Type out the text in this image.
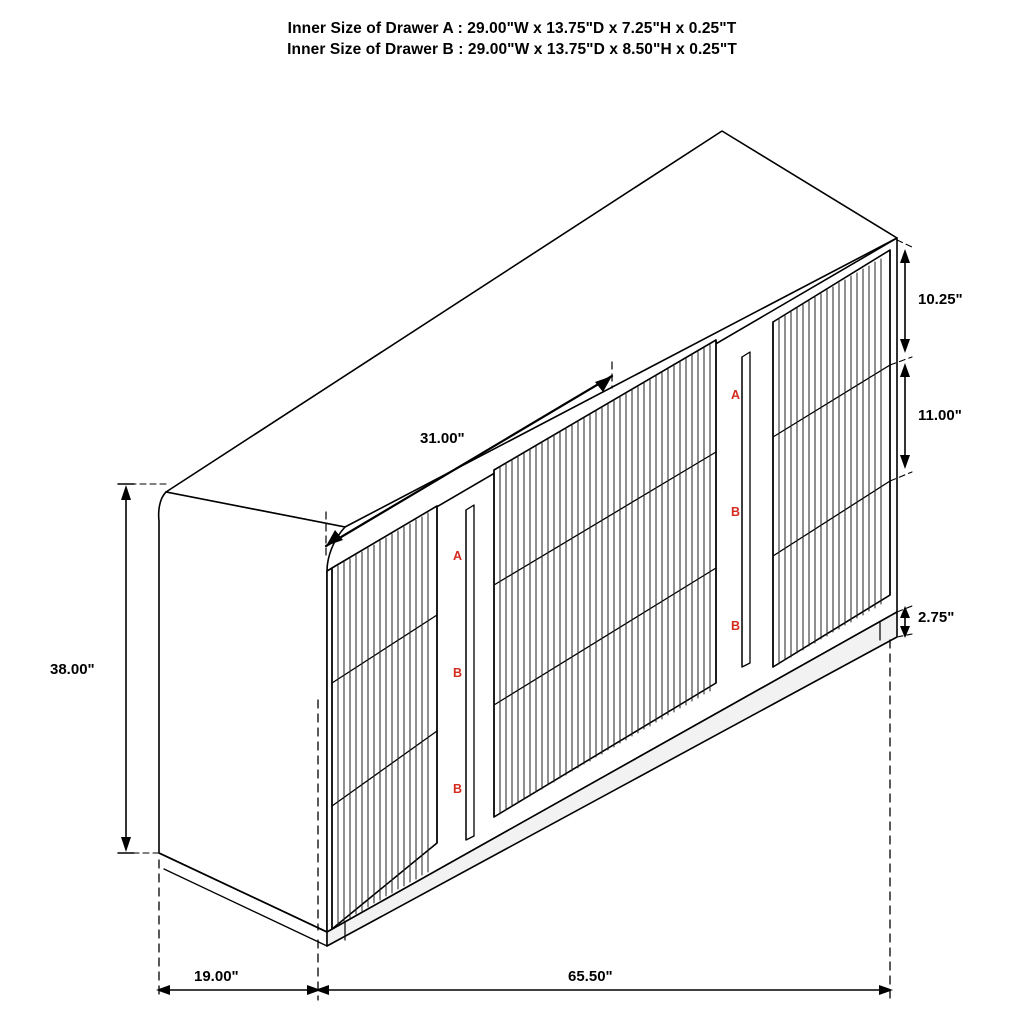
Inner Size of Drawer A : 29.00"W x 13.75"D x 7.25"H x 0.25"T
Inner Size of Drawer B : 29.00"W x 13.75"D x 8.50"H x 0.25"T
31.00"
10.25"
11.00"
2.75"
38.00"
19.00"	65.50"
A
B
B
A
B
B
